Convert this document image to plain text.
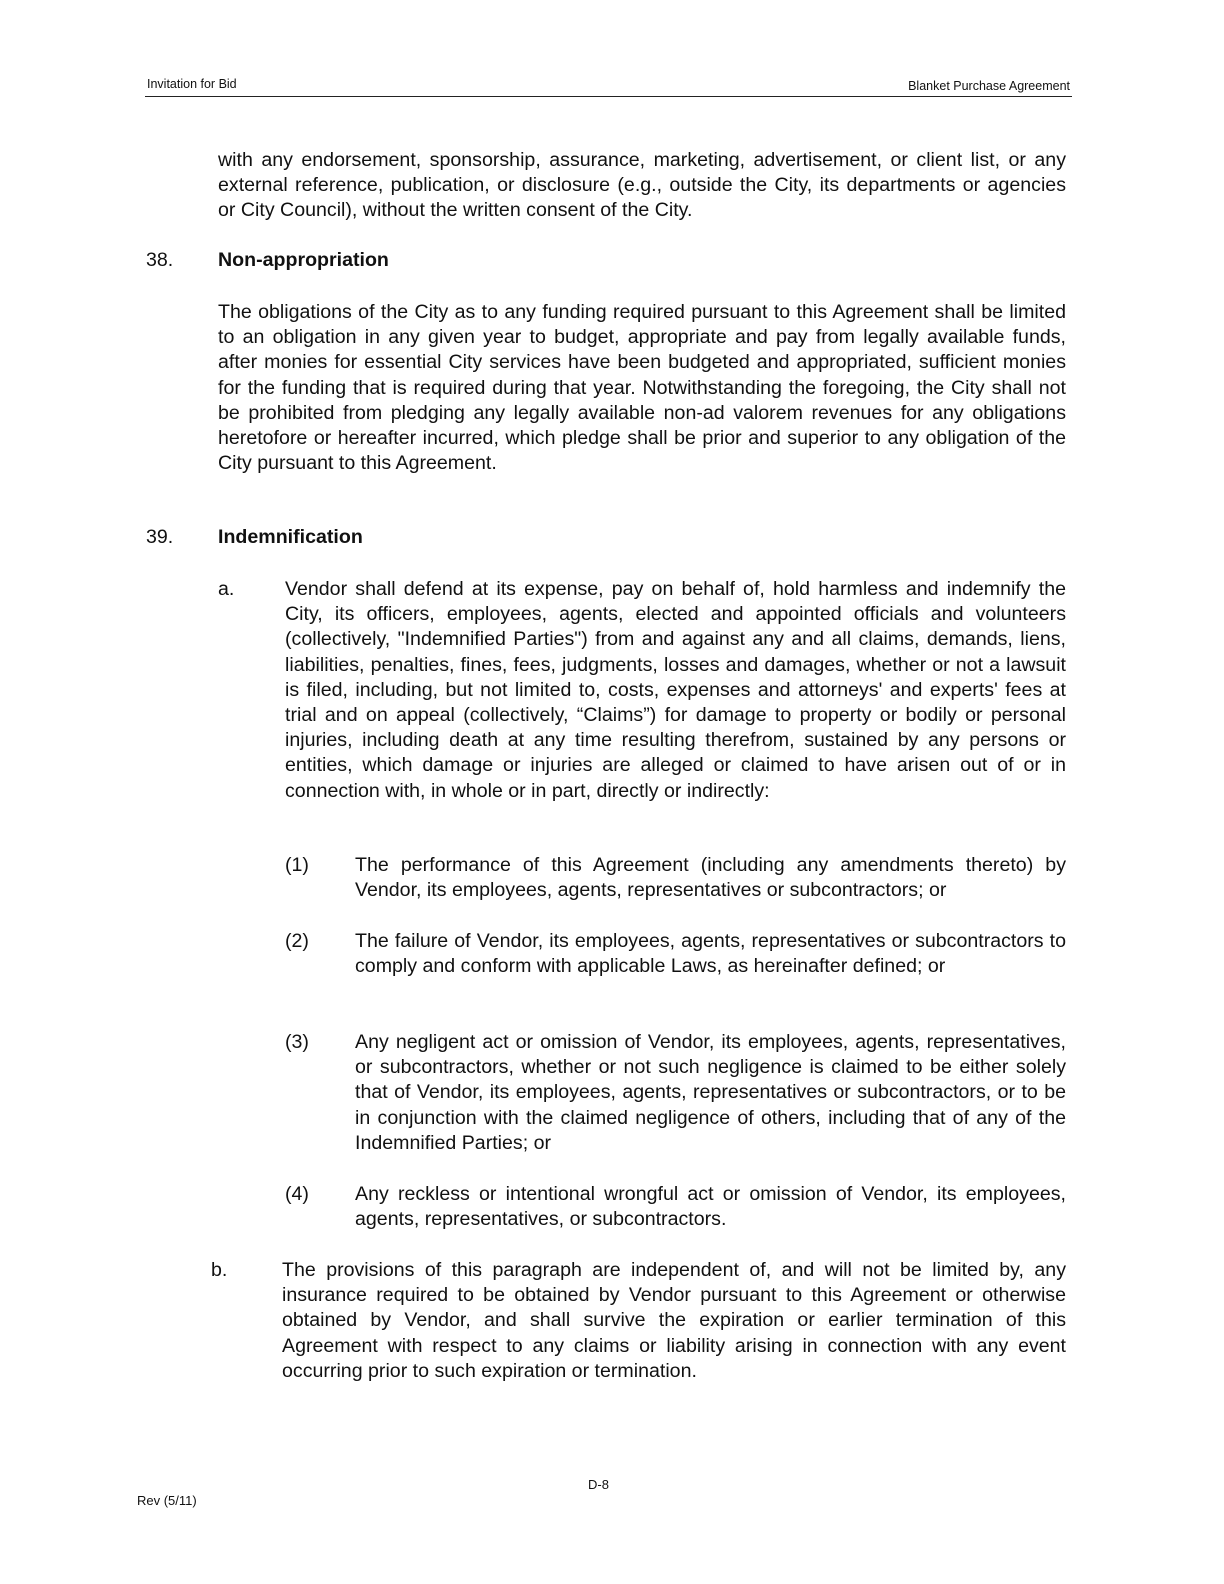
Invitation for Bid	Blanket Purchase Agreement

with any endorsement, sponsorship, assurance, marketing, advertisement, or client list, or any external reference, publication, or disclosure (e.g., outside the City, its departments or agencies or City Council), without the written consent of the City.

38. Non-appropriation

The obligations of the City as to any funding required pursuant to this Agreement shall be limited to an obligation in any given year to budget, appropriate and pay from legally available funds, after monies for essential City services have been budgeted and appropriated, sufficient monies for the funding that is required during that year. Notwithstanding the foregoing, the City shall not be prohibited from pledging any legally available non-ad valorem revenues for any obligations heretofore or hereafter incurred, which pledge shall be prior and superior to any obligation of the City pursuant to this Agreement.

39. Indemnification
a.	Vendor shall defend at its expense, pay on behalf of, hold harmless and indemnify the City, its officers, employees, agents, elected and appointed officials and volunteers (collectively, "Indemnified Parties") from and against any and all claims, demands, liens, liabilities, penalties, fines, fees, judgments, losses and damages, whether or not a lawsuit is filed, including, but not limited to, costs, expenses and attorneys' and experts' fees at trial and on appeal (collectively, “Claims”) for damage to property or bodily or personal injuries, including death at any time resulting therefrom, sustained by any persons or entities, which damage or injuries are alleged or claimed to have arisen out of or in connection with, in whole or in part, directly or indirectly:

(1) The performance of this Agreement (including any amendments thereto) by Vendor, its employees, agents, representatives or subcontractors; or

(2) The failure of Vendor, its employees, agents, representatives or subcontractors to comply and conform with applicable Laws, as hereinafter defined; or

(3) Any negligent act or omission of Vendor, its employees, agents, representatives, or subcontractors, whether or not such negligence is claimed to be either solely that of Vendor, its employees, agents, representatives or subcontractors, or to be in conjunction with the claimed negligence of others, including that of any of the Indemnified Parties; or

(4) Any reckless or intentional wrongful act or omission of Vendor, its employees, agents, representatives, or subcontractors.

b.	The provisions of this paragraph are independent of, and will not be limited by, any insurance required to be obtained by Vendor pursuant to this Agreement or otherwise obtained by Vendor, and shall survive the expiration or earlier termination of this Agreement with respect to any claims or liability arising in connection with any event occurring prior to such expiration or termination.

D-8
Rev (5/11)
